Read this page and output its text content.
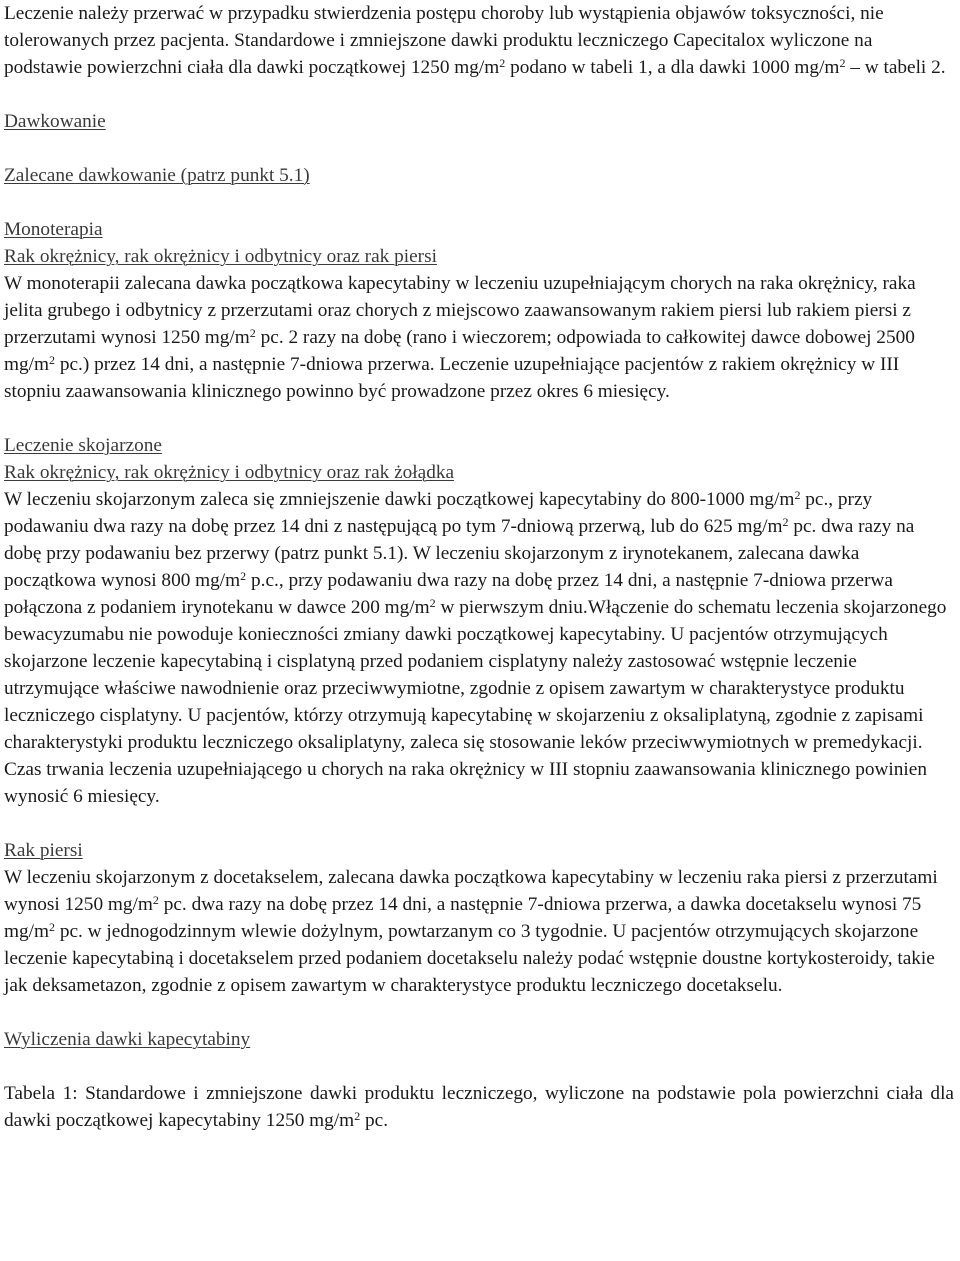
Leczenie należy przerwać w przypadku stwierdzenia postępu choroby lub wystąpienia objawów toksyczności, nie tolerowanych przez pacjenta. Standardowe i zmniejszone dawki produktu leczniczego Capecitalox wyliczone na podstawie powierzchni ciała dla dawki początkowej 1250 $mg/m^2$ podano w tabeli 1, a dla dawki 1000 $mg/m^2$ – w tabeli 2.

Dawkowanie

Zalecane dawkowanie (patrz punkt 5.1)

Monoterapia

Rak okrężnicy, rak okrężnicy i odbytnicy oraz rak piersi

W monoterapii zalecana dawka początkowa kapecytabiny w leczeniu uzupełniającym chorych na raka okrężnicy, raka jelita grubego i odbytnicy z przerzutami oraz chorych z miejscowo zaawansowanym rakiem piersi lub rakiem piersi z przerzutami wynosi 1250 $mg/m^2$ pc. 2 razy na dobę (rano i wieczorem; odpowiada to całkowitej dawce dobowej 2500 $mg/m^2$ pc.) przez 14 dni, a następnie 7-dniowa przerwa. Leczenie uzupełniające pacjentów z rakiem okrężnicy w III stopniu zaawansowania klinicznego powinno być prowadzone przez okres 6 miesięcy.

Leczenie skojarzone

Rak okrężnicy, rak okrężnicy i odbytnicy oraz rak żołądka

W leczeniu skojarzonym zaleca się zmniejszenie dawki początkowej kapecytabiny do 800-1000 $mg/m^2$ pc., przy podawaniu dwa razy na dobę przez 14 dni z następującą po tym 7-dniową przerwą, lub do 625 $mg/m^2$ pc. dwa razy na dobę przy podawaniu bez przerwy (patrz punkt 5.1). W leczeniu skojarzonym z irynotekanem, zalecana dawka początkowa wynosi 800 $mg/m^2$ p.c., przy podawaniu dwa razy na dobę przez 14 dni, a następnie 7-dniowa przerwa połączona z podaniem irynotekanu w dawce 200 $mg/m^2$ w pierwszym dniu.Włączenie do schematu leczenia skojarzonego bewacyzumabu nie powoduje konieczności zmiany dawki początkowej kapecytabiny. U pacjentów otrzymujących skojarzone leczenie kapecytabiną i cisplatyną przed podaniem cisplatyny należy zastosować wstępnie leczenie utrzymujące właściwe nawodnienie oraz przeciwwymiotne, zgodnie z opisem zawartym w charakterystyce produktu leczniczego cisplatyny. U pacjentów, którzy otrzymują kapecytabinę w skojarzeniu z oksaliplatyną, zgodnie z zapisami charakterystyki produktu leczniczego oksaliplatyny, zaleca się stosowanie leków przeciwwymiotnych w premedykacji. Czas trwania leczenia uzupełniającego u chorych na raka okrężnicy w III stopniu zaawansowania klinicznego powinien wynosić 6 miesięcy.

Rak piersi

W leczeniu skojarzonym z docetakselem, zalecana dawka początkowa kapecytabiny w leczeniu raka piersi z przerzutami wynosi 1250 $mg/m^2$ pc. dwa razy na dobę przez 14 dni, a następnie 7-dniowa przerwa, a dawka docetakselu wynosi 75 $mg/m^2$ pc. w jednogodzinnym wlewie dożylnym, powtarzanym co 3 tygodnie. U pacjentów otrzymujących skojarzone leczenie kapecytabiną i docetakselem przed podaniem docetakselu należy podać wstępnie doustne kortykosteroidy, takie jak deksametazon, zgodnie z opisem zawartym w charakterystyce produktu leczniczego docetakselu.

Wyliczenia dawki kapecytabiny

Tabela 1: Standardowe i zmniejszone dawki produktu leczniczego, wyliczone na podstawie pola powierzchni ciała dla dawki początkowej kapecytabiny 1250 $mg/m^2$ pc.
